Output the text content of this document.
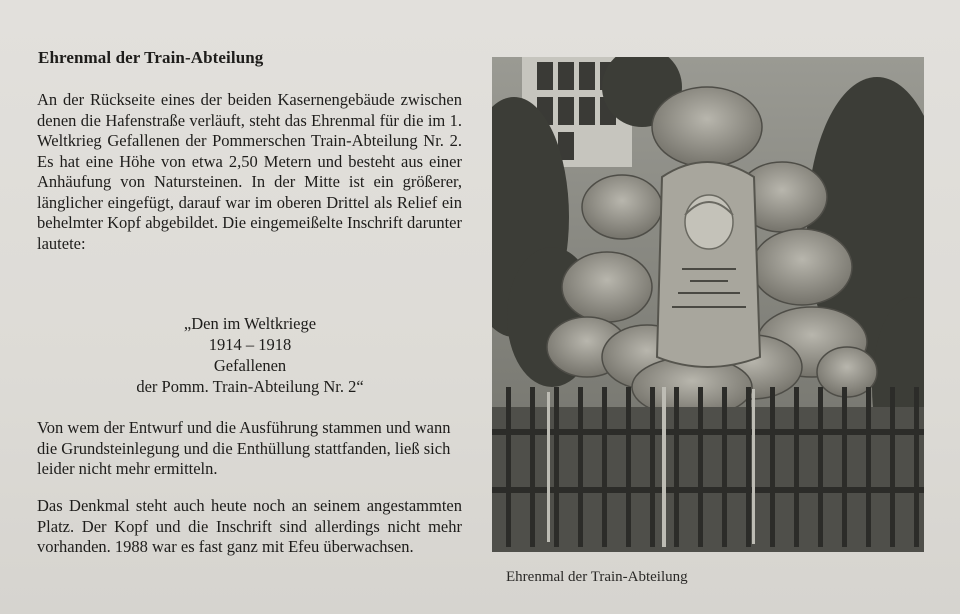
Ehrenmal der Train-Abteilung
An der Rückseite eines der beiden Kasernengebäude zwischen denen die Hafenstraße verläuft, steht das Ehrenmal für die im 1. Weltkrieg Gefallenen der Pommerschen Train-Abteilung Nr. 2. Es hat eine Höhe von etwa 2,50 Metern und besteht aus einer Anhäufung von Natursteinen. In der Mitte ist ein größerer, länglicher eingefügt, darauf war im oberen Drittel als Relief ein behelmter Kopf abgebildet. Die eingemeißelte Inschrift darunter lautete:
„Den im Weltkriege
1914 – 1918
Gefallenen
der Pomm. Train-Abteilung Nr. 2“
Von wem der Entwurf und die Ausführung stammen und wann die Grundsteinlegung und die Enthüllung stattfanden, ließ sich leider nicht mehr ermitteln.
Das Denkmal steht auch heute noch an seinem angestammten Platz. Der Kopf und die Inschrift sind allerdings nicht mehr vorhanden. 1988 war es fast ganz mit Efeu überwachsen.
Ehrenmal der Train-Abteilung
